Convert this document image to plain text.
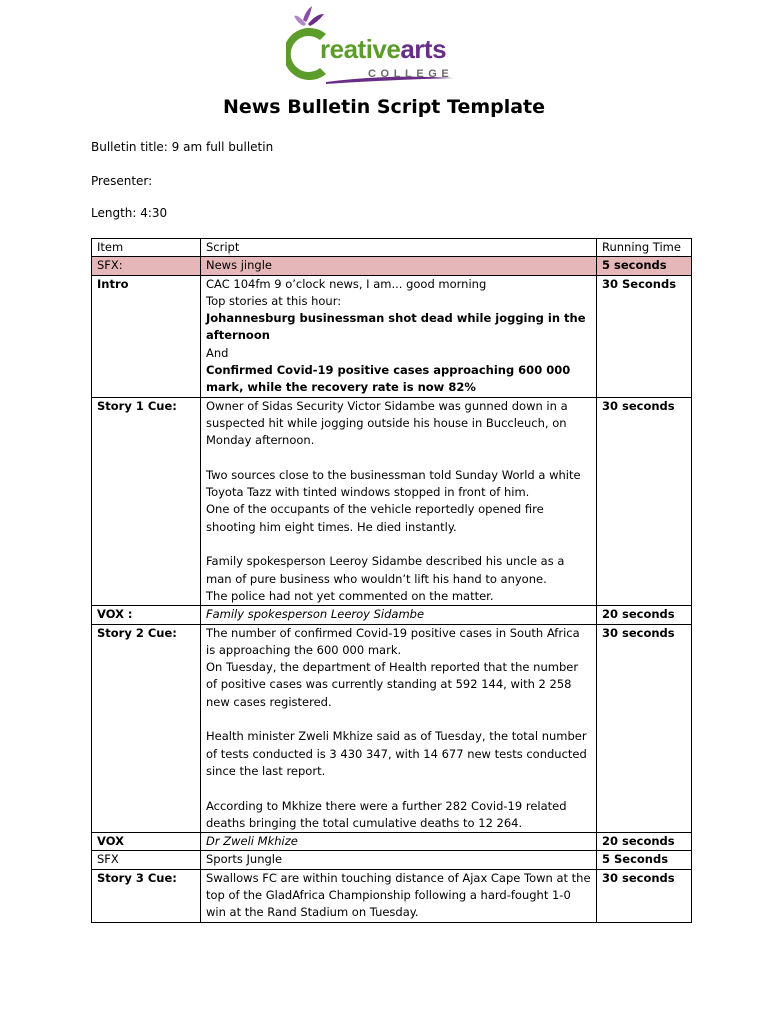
reativearts
COLLEGE
News Bulletin Script Template
Bulletin title: 9 am full bulletin
Presenter:
Length: 4:30
Item	Script	Running Time
SFX:	News jingle	5 seconds
Intro	CAC 104fm 9 o’clock news, I am... good morning
Top stories at this hour:
Johannesburg businessman shot dead while jogging in the afternoon
And
Confirmed Covid-19 positive cases approaching 600 000 mark, while the recovery rate is now 82%	30 Seconds
Story 1 Cue:	Owner of Sidas Security Victor Sidambe was gunned down in a suspected hit while jogging outside his house in Buccleuch, on Monday afternoon.
Two sources close to the businessman told Sunday World a white Toyota Tazz with tinted windows stopped in front of him.
One of the occupants of the vehicle reportedly opened fire shooting him eight times. He died instantly.
Family spokesperson Leeroy Sidambe described his uncle as a man of pure business who wouldn’t lift his hand to anyone.
The police had not yet commented on the matter.	30 seconds
VOX :	Family spokesperson Leeroy Sidambe	20 seconds
Story 2 Cue:	The number of confirmed Covid-19 positive cases in South Africa is approaching the 600 000 mark.
On Tuesday, the department of Health reported that the number of positive cases was currently standing at 592 144, with 2 258 new cases registered.
Health minister Zweli Mkhize said as of Tuesday, the total number of tests conducted is 3 430 347, with 14 677 new tests conducted since the last report.
According to Mkhize there were a further 282 Covid-19 related deaths bringing the total cumulative deaths to 12 264.	30 seconds
VOX	Dr Zweli Mkhize	20 seconds
SFX	Sports Jungle	5 Seconds
Story 3 Cue:	Swallows FC are within touching distance of Ajax Cape Town at the top of the GladAfrica Championship following a hard-fought 1-0 win at the Rand Stadium on Tuesday.	30 seconds
